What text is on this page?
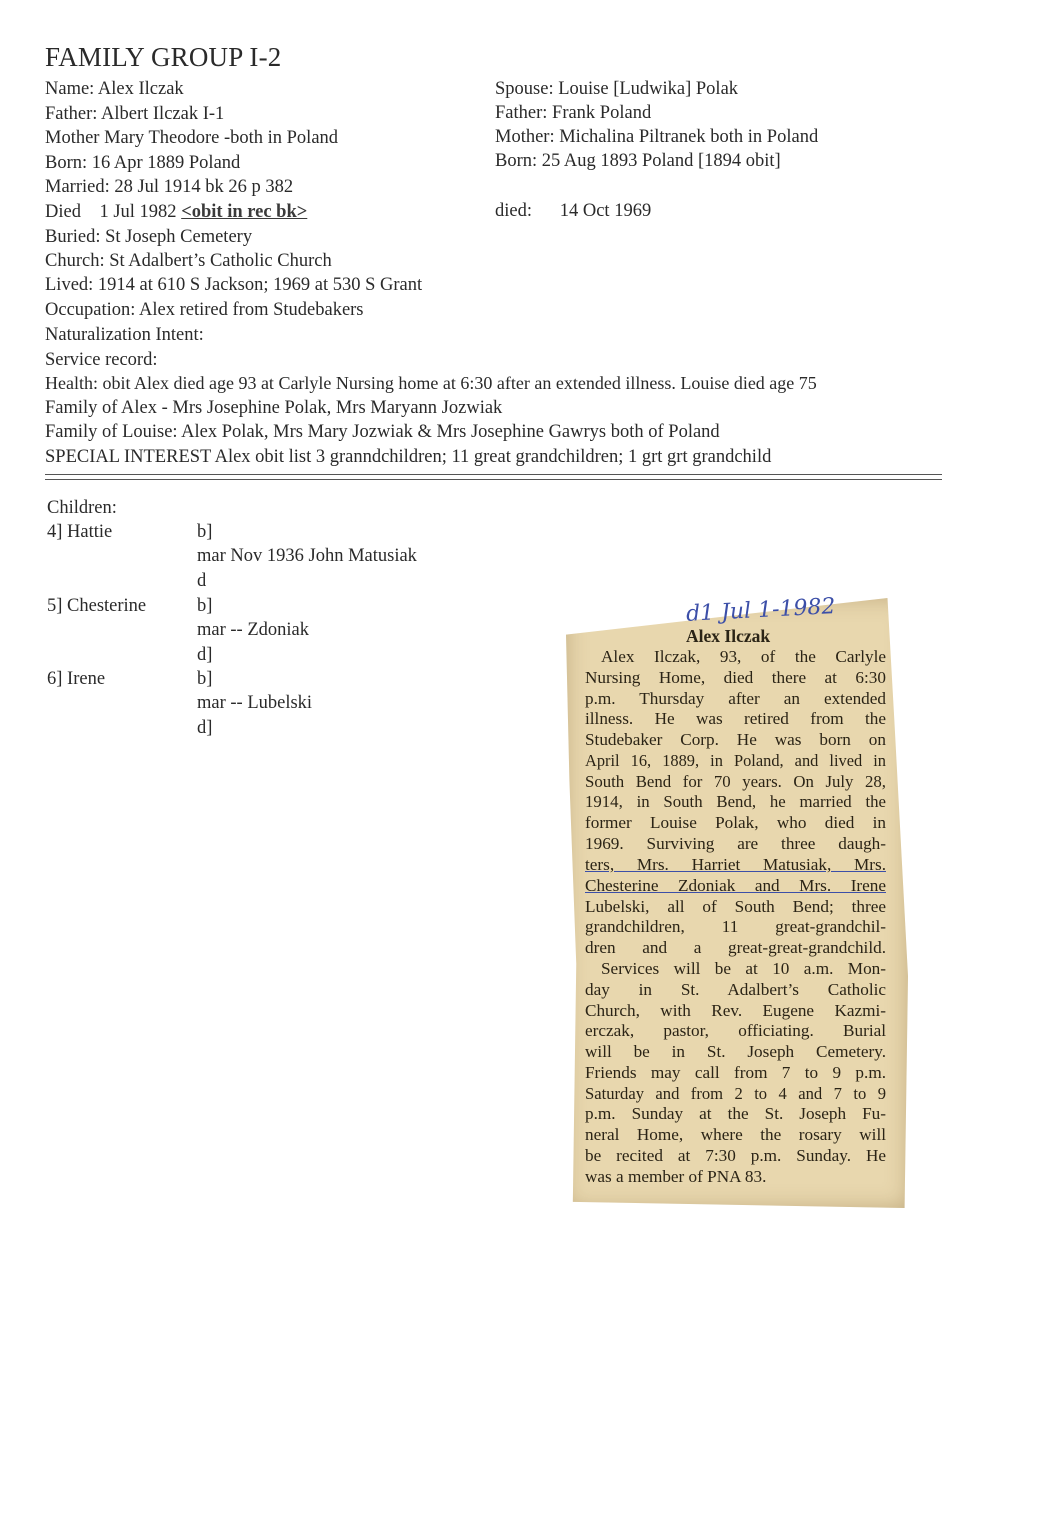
FAMILY GROUP I-2
Name: Alex Ilczak
Father: Albert Ilczak I-1
Mother Mary Theodore -both in Poland
Born: 16 Apr 1889 Poland
Married: 28 Jul 1914 bk 26 p 382
Died    1 Jul 1982 <obit in rec bk>
Buried: St Joseph Cemetery
Church: St Adalbert’s Catholic Church
Lived: 1914 at 610 S Jackson; 1969 at 530 S Grant
Occupation: Alex retired from Studebakers
Naturalization Intent:
Service record:
Health: obit Alex died age 93 at Carlyle Nursing home at 6:30 after an extended illness. Louise died age 75
Family of Alex - Mrs Josephine Polak, Mrs Maryann Jozwiak
Family of Louise: Alex Polak, Mrs Mary Jozwiak & Mrs Josephine Gawrys both of Poland
SPECIAL INTEREST Alex obit list 3 granndchildren; 11 great grandchildren; 1 grt grt grandchild
Spouse: Louise [Ludwika] Polak
Father: Frank Poland
Mother: Michalina Piltranek both in Poland
Born: 25 Aug 1893 Poland [1894 obit]
died:      14 Oct 1969
Children:
4] Hattie	b]
mar Nov 1936 John Matusiak
d
5] Chesterine	b]
mar -- Zdoniak
d]
6] Irene	b]
mar -- Lubelski
d]
d1 Jul 1-1982
Alex Ilczak
Alex Ilczak, 93, of the Carlyle
Nursing Home, died there at 6:30
p.m. Thursday after an extended
illness. He was retired from the
Studebaker Corp. He was born on
April 16, 1889, in Poland, and lived in
South Bend for 70 years. On July 28,
1914, in South Bend, he married the
former Louise Polak, who died in
1969. Surviving are three daugh-
ters, Mrs. Harriet Matusiak, Mrs.
Chesterine Zdoniak and Mrs. Irene
Lubelski, all of South Bend; three
grandchildren, 11 great-grandchil-
dren and a great-great-grandchild.
Services will be at 10 a.m. Mon-
day in St. Adalbert’s Catholic
Church, with Rev. Eugene Kazmi-
erczak, pastor, officiating. Burial
will be in St. Joseph Cemetery.
Friends may call from 7 to 9 p.m.
Saturday and from 2 to 4 and 7 to 9
p.m. Sunday at the St. Joseph Fu-
neral Home, where the rosary will
be recited at 7:30 p.m. Sunday. He
was a member of PNA 83.
